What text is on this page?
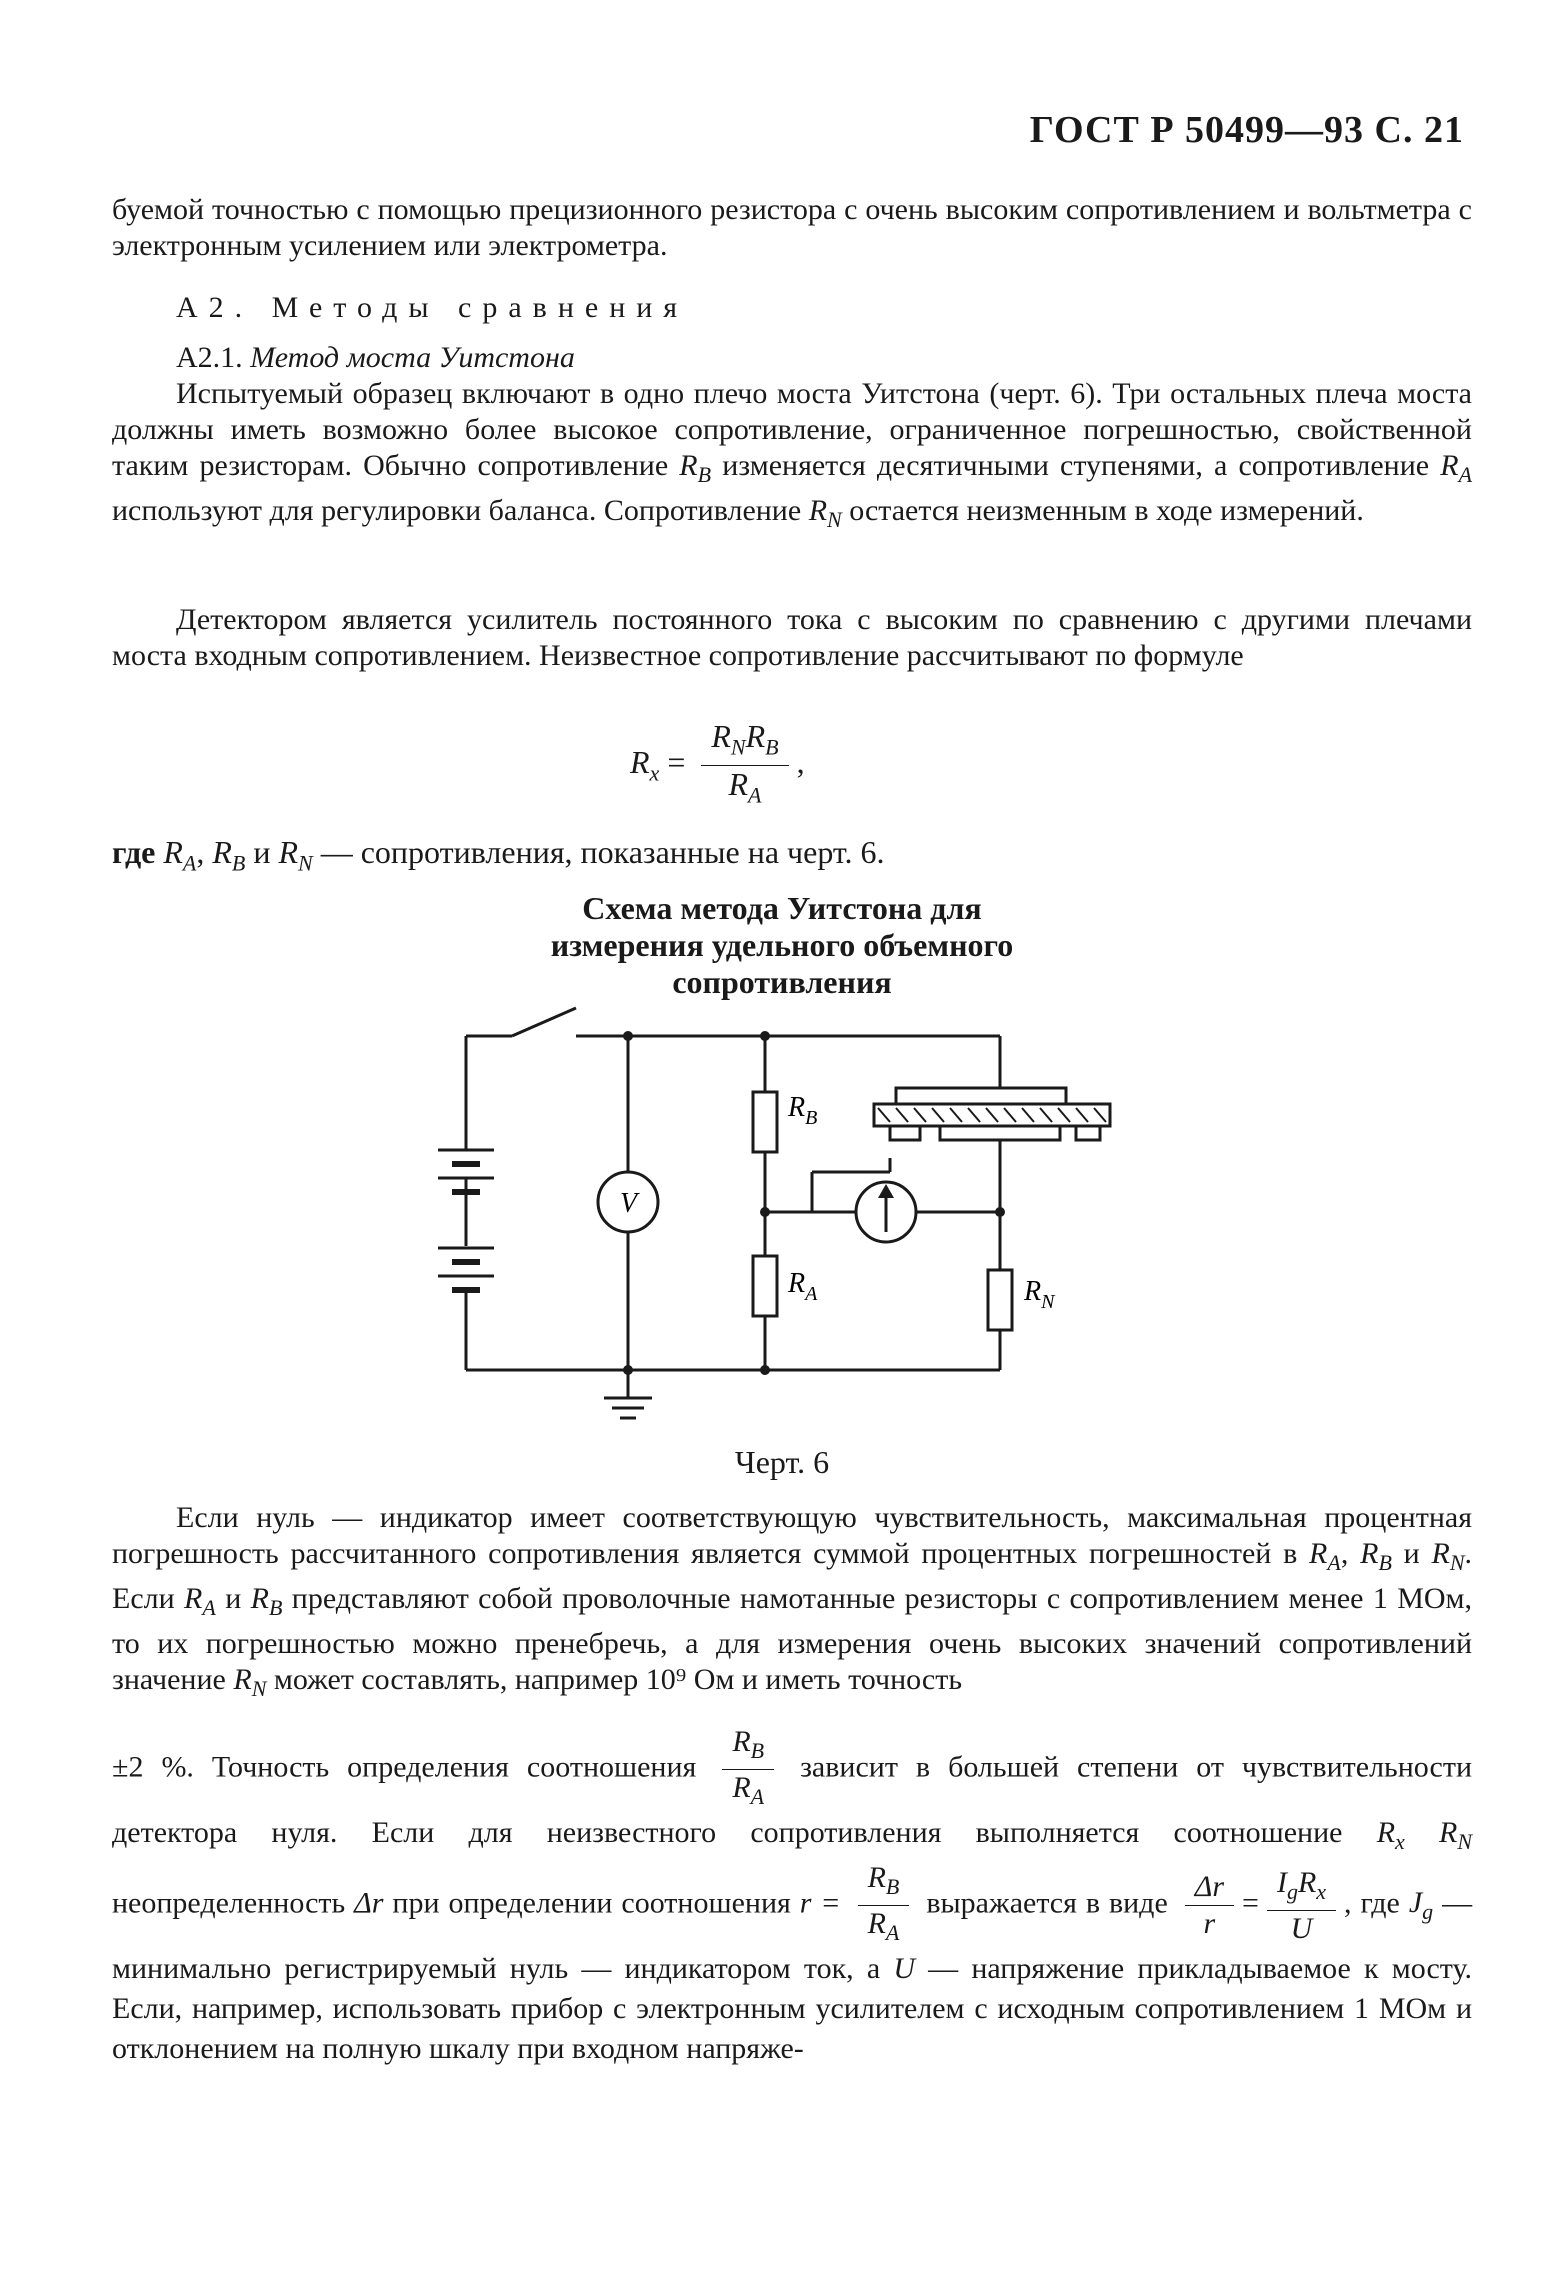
ГОСТ Р 50499—93 С. 21
буемой точностью с помощью прецизионного резистора с очень высоким сопротивлением и вольтметра с электронным усилением или электрометра.
А2. Методы сравнения
А2.1. Метод моста Уитстона
Испытуемый образец включают в одно плечо моста Уитстона (черт. 6). Три остальных плеча моста должны иметь возможно более высокое сопротивление, ограниченное погрешностью, свойственной таким резисторам. Обычно сопротивление $R_B$ изменяется десятичными ступенями, а сопротивление $R_A$ используют для регулировки баланса. Сопротивление $R_N$ остается неизменным в ходе измерений.
Детектором является усилитель постоянного тока с высоким по сравнению с другими плечами моста входным сопротивлением. Неизвестное сопротивление рассчитывают по формуле
$R_x = \frac{R_NR_B}{R_A}$ ,
где $R_A$, $R_B$ и $R_N$ — сопротивления, показанные на черт. 6.
Схема метода Уитстона для
измерения удельного объемного
сопротивления
V
$R_B$
$R_A$	$R_N$
Черт. 6
Если нуль — индикатор имеет соответствующую чувствительность, максимальная процентная погрешность рассчитанного сопротивления является суммой процентных погрешностей в $R_A$, $R_B$ и $R_N$. Если $R_A$ и $R_B$ представляют собой проволочные намотанные резисторы с сопротивлением менее 1 МОм, то их погрешностью можно пренебречь, а для измерения очень высоких значений сопротивлений значение $R_N$ может составлять, например 10⁹ Ом и иметь точность
±2 %. Точность определения соотношения $\frac{R_B}{R_A}$ зависит в большей степени от чувствительности детектора нуля. Если для неизвестного сопротивления выполняется соотношение $R_x$ $R_N$ неопределенность Δr при определении соотношения $r = \frac{R_B}{R_A}$ выражается в виде $\frac{\Delta r}{r} = \frac{I_gR_x}{U}$ , где $J_g$ — минимально регистрируемый нуль — индикатором ток, а U — напряжение прикладываемое к мосту. Если, например, использовать прибор с электронным усилителем с исходным сопротивлением 1 МОм и отклонением на полную шкалу при входном напряже-
